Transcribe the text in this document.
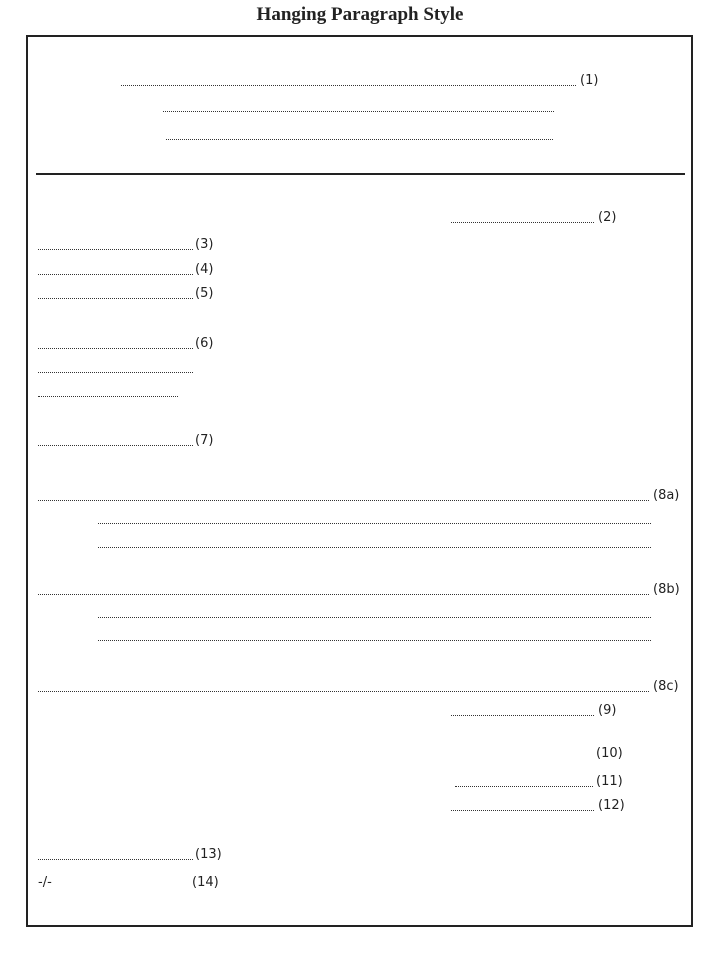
Hanging Paragraph Style
(1)
(2)
(3)
(4)
(5)
(6)
(7)
(8a)
(8b)
(8c)
(9)
(10)
(11)
(12)
(13)
-/-	(14)
